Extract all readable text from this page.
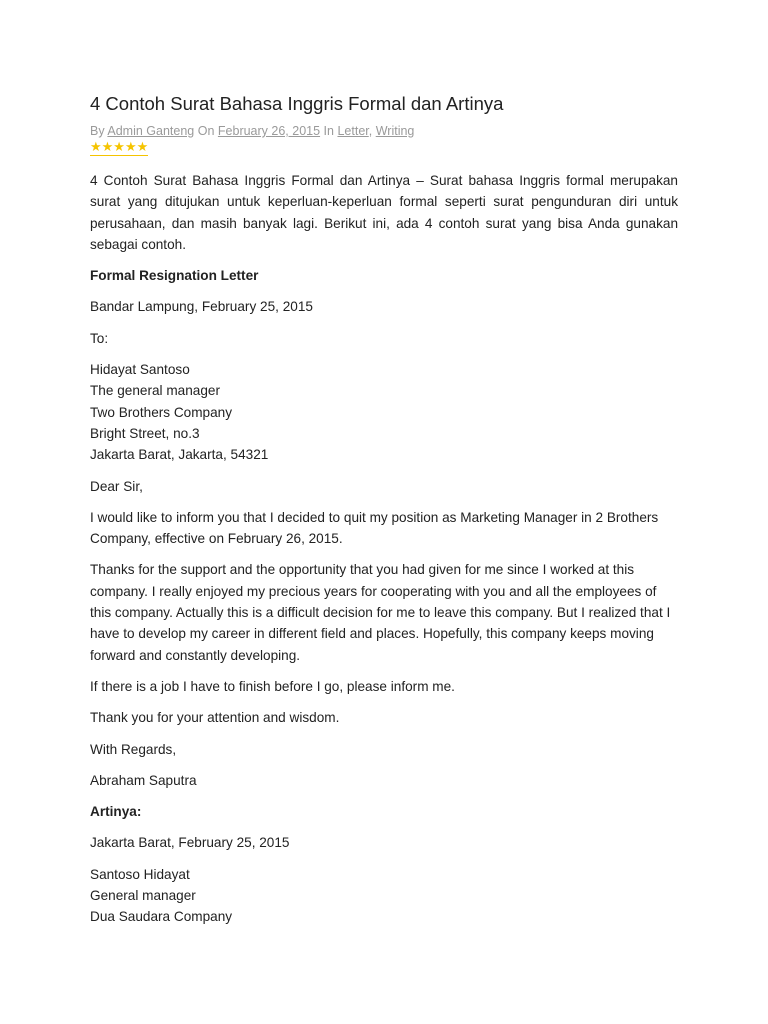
4 Contoh Surat Bahasa Inggris Formal dan Artinya
By Admin Ganteng On February 26, 2015 In Letter, Writing
★★★★★

4 Contoh Surat Bahasa Inggris Formal dan Artinya – Surat bahasa Inggris formal merupakan surat yang ditujukan untuk keperluan-keperluan formal seperti surat pengunduran diri untuk perusahaan, dan masih banyak lagi. Berikut ini, ada 4 contoh surat yang bisa Anda gunakan sebagai contoh.

Formal Resignation Letter

Bandar Lampung, February 25, 2015

To:

Hidayat Santoso
The general manager
Two Brothers Company
Bright Street, no.3
Jakarta Barat, Jakarta, 54321

Dear Sir,

I would like to inform you that I decided to quit my position as Marketing Manager in 2 Brothers Company, effective on February 26, 2015.

Thanks for the support and the opportunity that you had given for me since I worked at this company. I really enjoyed my precious years for cooperating with you and all the employees of this company. Actually this is a difficult decision for me to leave this company. But I realized that I have to develop my career in different field and places. Hopefully, this company keeps moving forward and constantly developing.

If there is a job I have to finish before I go, please inform me.

Thank you for your attention and wisdom.

With Regards,

Abraham Saputra

Artinya:

Jakarta Barat, February 25, 2015

Santoso Hidayat
General manager
Dua Saudara Company
